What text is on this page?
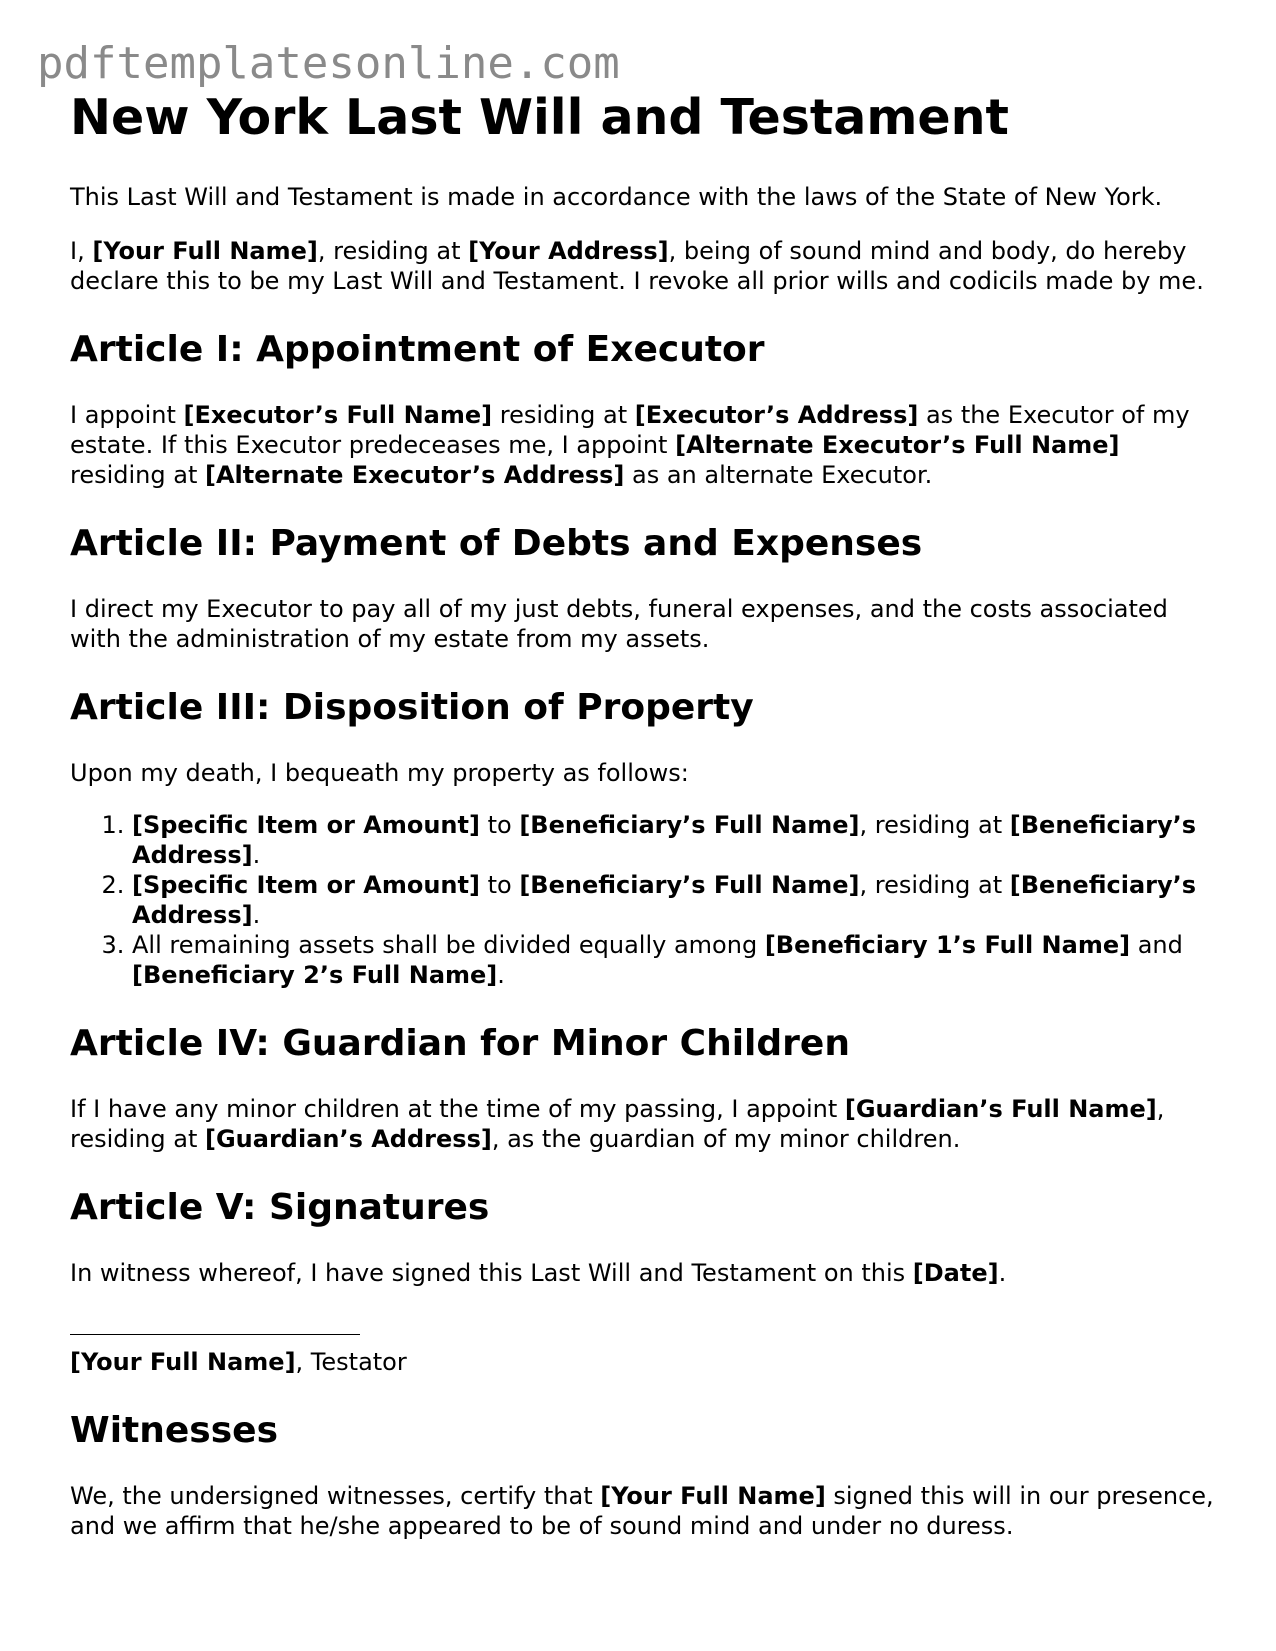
pdftemplatesonline.com
New York Last Will and Testament

This Last Will and Testament is made in accordance with the laws of the State of New York.

I, [Your Full Name], residing at [Your Address], being of sound mind and body, do hereby declare this to be my Last Will and Testament. I revoke all prior wills and codicils made by me.

Article I: Appointment of Executor

I appoint [Executor’s Full Name] residing at [Executor’s Address] as the Executor of my estate. If this Executor predeceases me, I appoint [Alternate Executor’s Full Name] residing at [Alternate Executor’s Address] as an alternate Executor.

Article II: Payment of Debts and Expenses

I direct my Executor to pay all of my just debts, funeral expenses, and the costs associated with the administration of my estate from my assets.

Article III: Disposition of Property

Upon my death, I bequeath my property as follows:

1. [Specific Item or Amount] to [Beneficiary’s Full Name], residing at [Beneficiary’s Address].
2. [Specific Item or Amount] to [Beneficiary’s Full Name], residing at [Beneficiary’s Address].
3. All remaining assets shall be divided equally among [Beneficiary 1’s Full Name] and [Beneficiary 2’s Full Name].
Article IV: Guardian for Minor Children

If I have any minor children at the time of my passing, I appoint [Guardian’s Full Name], residing at [Guardian’s Address], as the guardian of my minor children.

Article V: Signatures

In witness whereof, I have signed this Last Will and Testament on this [Date].

[Your Full Name], Testator

Witnesses

We, the undersigned witnesses, certify that [Your Full Name] signed this will in our presence, and we affirm that he/she appeared to be of sound mind and under no duress.
